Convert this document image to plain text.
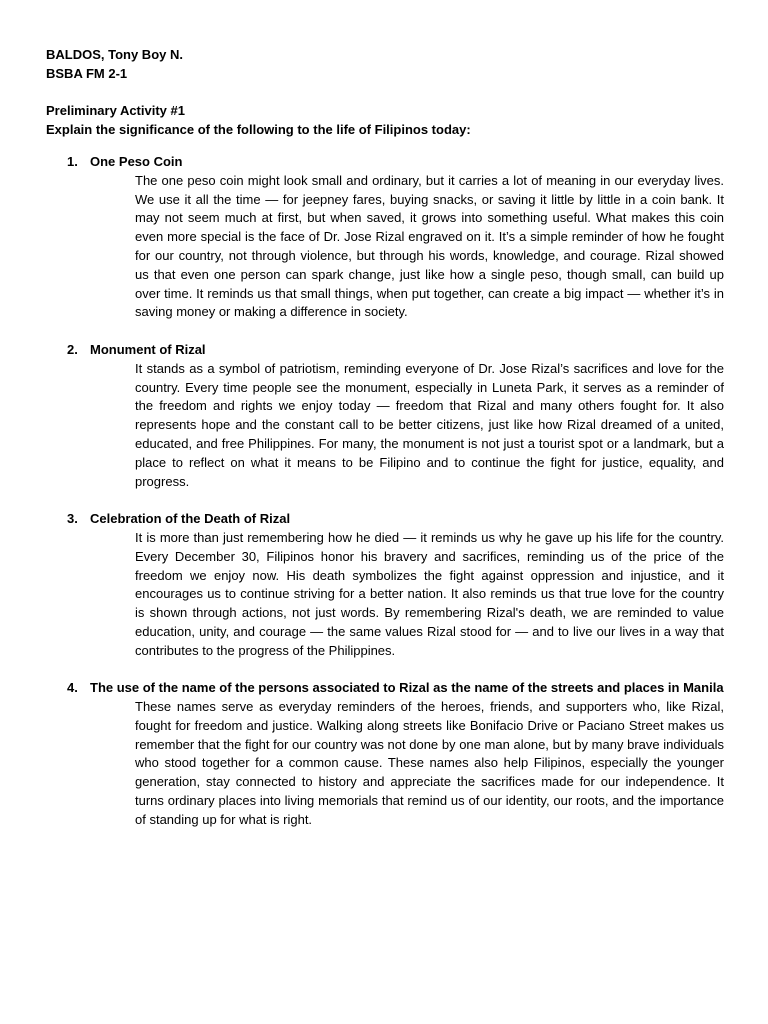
BALDOS, Tony Boy N.
BSBA FM 2-1
Preliminary Activity #1
Explain the significance of the following to the life of Filipinos today:
1. One Peso Coin

The one peso coin might look small and ordinary, but it carries a lot of meaning in our everyday lives. We use it all the time — for jeepney fares, buying snacks, or saving it little by little in a coin bank. It may not seem much at first, but when saved, it grows into something useful. What makes this coin even more special is the face of Dr. Jose Rizal engraved on it. It’s a simple reminder of how he fought for our country, not through violence, but through his words, knowledge, and courage. Rizal showed us that even one person can spark change, just like how a single peso, though small, can build up over time. It reminds us that small things, when put together, can create a big impact — whether it’s in saving money or making a difference in society.

2. Monument of Rizal

It stands as a symbol of patriotism, reminding everyone of Dr. Jose Rizal’s sacrifices and love for the country. Every time people see the monument, especially in Luneta Park, it serves as a reminder of the freedom and rights we enjoy today — freedom that Rizal and many others fought for. It also represents hope and the constant call to be better citizens, just like how Rizal dreamed of a united, educated, and free Philippines. For many, the monument is not just a tourist spot or a landmark, but a place to reflect on what it means to be Filipino and to continue the fight for justice, equality, and progress.

3. Celebration of the Death of Rizal

It is more than just remembering how he died — it reminds us why he gave up his life for the country. Every December 30, Filipinos honor his bravery and sacrifices, reminding us of the price of the freedom we enjoy now. His death symbolizes the fight against oppression and injustice, and it encourages us to continue striving for a better nation. It also reminds us that true love for the country is shown through actions, not just words. By remembering Rizal's death, we are reminded to value education, unity, and courage — the same values Rizal stood for — and to live our lives in a way that contributes to the progress of the Philippines.

4. The use of the name of the persons associated to Rizal as the name of the streets and places in Manila

These names serve as everyday reminders of the heroes, friends, and supporters who, like Rizal, fought for freedom and justice. Walking along streets like Bonifacio Drive or Paciano Street makes us remember that the fight for our country was not done by one man alone, but by many brave individuals who stood together for a common cause. These names also help Filipinos, especially the younger generation, stay connected to history and appreciate the sacrifices made for our independence. It turns ordinary places into living memorials that remind us of our identity, our roots, and the importance of standing up for what is right.
